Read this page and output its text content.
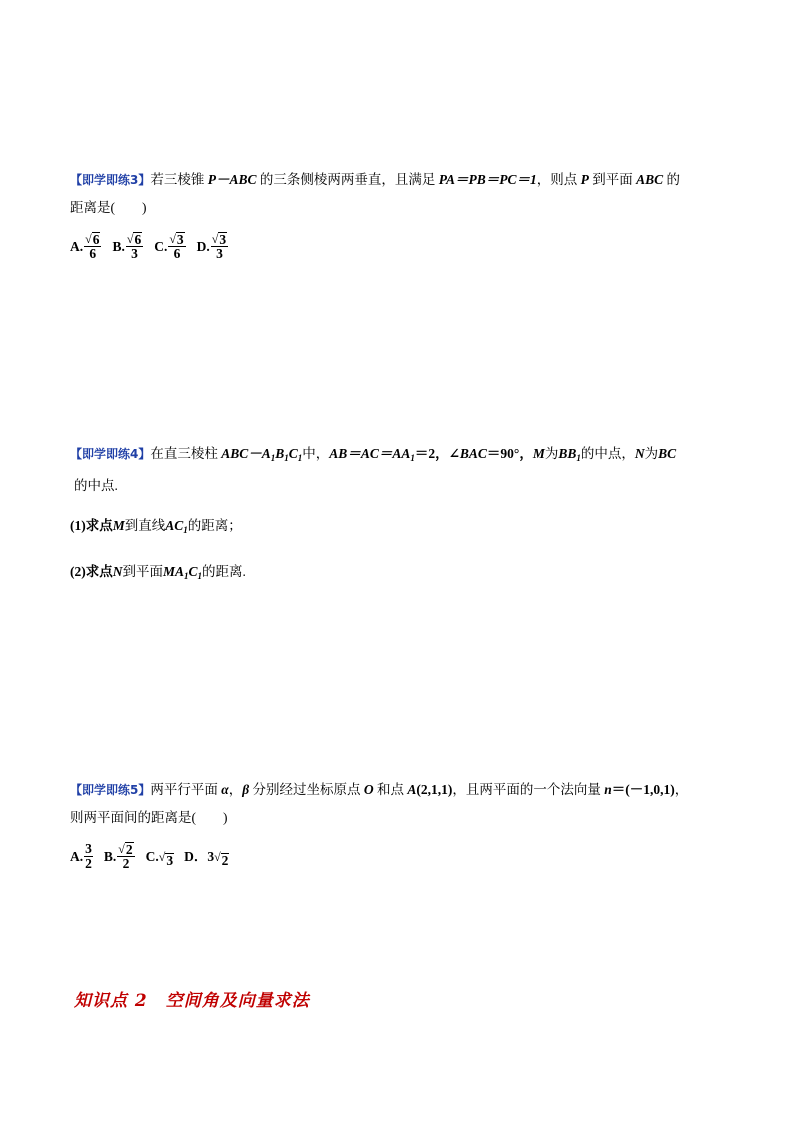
【即学即练3】若三棱锥 P－ABC 的三条侧棱两两垂直，且满足 PA＝PB＝PC＝1，则点 P 到平面 ABC 的
距离是(　　)
A. $\frac{√ 6}{6} B$. $\frac{√ 6}{3} C$. $\frac{√ 3}{6} D$. $\frac{√ 3}{3}$
【即学即练4】在直三棱柱 $ABC-A_1B_1C_1$中，$AB=AC=AA_1=2$，∠BAC＝90°，M为$BB_1$的中点，N为BC
的中点.
(1)求点M到直线$AC_1$的距离；
(2)求点N到平面$MA_1C_1$的距离.
【即学即练5】两平行平面 α，β 分别经过坐标原点 O 和点 A(2,1,1)，且两平面的一个法向量 n＝(－1,0,1)，
则两平面间的距离是(　　)
A. $\frac{3}{2} B$. $\frac{√ 2}{2} C$. √ 3 D．3 √ 2
知识点 2　空间角及向量求法
